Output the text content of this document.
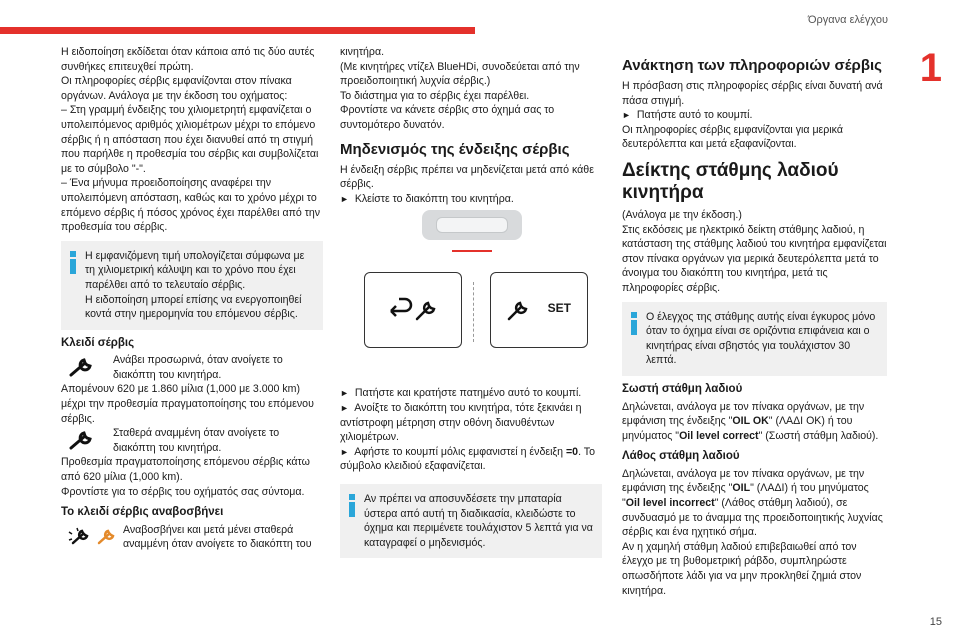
Όργανα ελέγχου
1
15

Η ειδοποίηση εκδίδεται όταν κάποια από τις δύο αυτές συνθήκες επιτευχθεί πρώτη.

Οι πληροφορίες σέρβις εμφανίζονται στον πίνακα οργάνων. Ανάλογα με την έκδοση του οχήματος:

– Στη γραμμή ένδειξης του χιλιομετρητή εμφανίζεται ο υπολειπόμενος αριθμός χιλιομέτρων μέχρι το επόμενο σέρβις ή η απόσταση που έχει διανυθεί από τη στιγμή που παρήλθε η προθεσμία του σέρβις και συμβολίζεται με το σύμβολο "-".

– Ένα μήνυμα προειδοποίησης αναφέρει την υπολειπόμενη απόσταση, καθώς και το χρόνο μέχρι το επόμενο σέρβις ή πόσος χρόνος έχει παρέλθει από την προθεσμία του σέρβις.

Η εμφανιζόμενη τιμή υπολογίζεται σύμφωνα με τη χιλιομετρική κάλυψη και το χρόνο που έχει παρέλθει από το τελευταίο σέρβις.

Η ειδοποίηση μπορεί επίσης να ενεργοποιηθεί κοντά στην ημερομηνία του επόμενου σέρβις.

Κλειδί σέρβις

Ανάβει προσωρινά, όταν ανοίγετε το διακόπτη του κινητήρα.

Απομένουν 620 με 1.860 μίλια (1,000 με 3.000 km) μέχρι την προθεσμία πραγματοποίησης του επόμενου σέρβις.

Σταθερά αναμμένη όταν ανοίγετε το διακόπτη του κινητήρα.

Προθεσμία πραγματοποίησης επόμενου σέρβις κάτω από 620 μίλια (1,000 km).

Φροντίστε για το σέρβις του οχήματός σας σύντομα.

Το κλειδί σέρβις αναβοσβήνει

Αναβοσβήνει και μετά μένει σταθερά αναμμένη όταν ανοίγετε το διακόπτη του

κινητήρα.

(Με κινητήρες ντίζελ BlueHDi, συνοδεύεται από την προειδοποιητική λυχνία σέρβις.)

Το διάστημα για το σέρβις έχει παρέλθει.

Φροντίστε να κάνετε σέρβις στο όχημά σας το συντομότερο δυνατόν.

Μηδενισμός της ένδειξης σέρβις

Η ένδειξη σέρβις πρέπει να μηδενίζεται μετά από κάθε σέρβις.

► Κλείστε το διακόπτη του κινητήρα.

SET

► Πατήστε και κρατήστε πατημένο αυτό το κουμπί.

► Ανοίξτε το διακόπτη του κινητήρα, τότε ξεκινάει η αντίστροφη μέτρηση στην οθόνη διανυθέντων χιλιομέτρων.

► Αφήστε το κουμπί μόλις εμφανιστεί η ένδειξη =0. Το σύμβολο κλειδιού εξαφανίζεται.

Αν πρέπει να αποσυνδέσετε την μπαταρία ύστερα από αυτή τη διαδικασία, κλειδώστε το όχημα και περιμένετε τουλάχιστον 5 λεπτά για να καταγραφεί ο μηδενισμός.

Ανάκτηση των πληροφοριών σέρβις

Η πρόσβαση στις πληροφορίες σέρβις είναι δυνατή ανά πάσα στιγμή.

► Πατήστε αυτό το κουμπί.

Οι πληροφορίες σέρβις εμφανίζονται για μερικά δευτερόλεπτα και μετά εξαφανίζονται.

Δείκτης στάθμης λαδιού κινητήρα

(Ανάλογα με την έκδοση.)

Στις εκδόσεις με ηλεκτρικό δείκτη στάθμης λαδιού, η κατάσταση της στάθμης λαδιού του κινητήρα εμφανίζεται στον πίνακα οργάνων για μερικά δευτερόλεπτα μετά το άνοιγμα του διακόπτη του κινητήρα, μετά τις πληροφορίες σέρβις.

Ο έλεγχος της στάθμης αυτής είναι έγκυρος μόνο όταν το όχημα είναι σε οριζόντια επιφάνεια και ο κινητήρας είναι σβηστός για τουλάχιστον 30 λεπτά.

Σωστή στάθμη λαδιού

Δηλώνεται, ανάλογα με τον πίνακα οργάνων, με την εμφάνιση της ένδειξης "OIL OK" (ΛΑΔΙ ΟΚ) ή του μηνύματος "Oil level correct" (Σωστή στάθμη λαδιού).

Λάθος στάθμη λαδιού

Δηλώνεται, ανάλογα με τον πίνακα οργάνων, με την εμφάνιση της ένδειξης "OIL" (ΛΑΔΙ) ή του μηνύματος "Oil level incorrect" (Λάθος στάθμη λαδιού), σε συνδυασμό με το άναμμα της προειδοποιητικής λυχνίας σέρβις και ένα ηχητικό σήμα.

Αν η χαμηλή στάθμη λαδιού επιβεβαιωθεί από τον έλεγχο με τη βυθομετρική ράβδο, συμπληρώστε οπωσδήποτε λάδι για να μην προκληθεί ζημιά στον κινητήρα.
